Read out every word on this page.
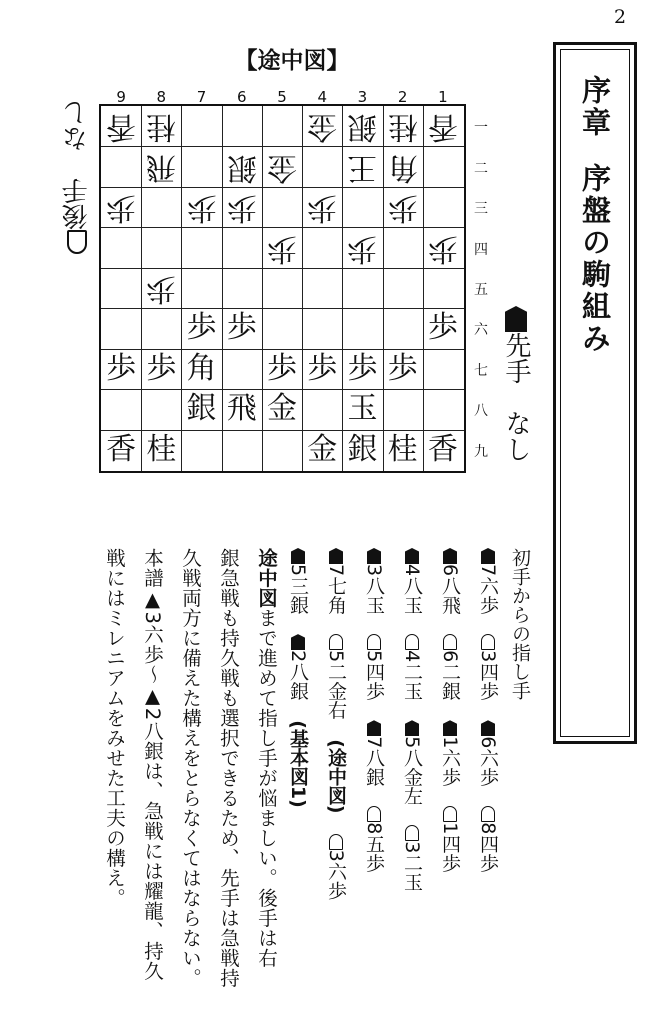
2
序章序盤の駒組み
【途中図】
9	8	7	6	5	4	3	2	1
一
二
三
四
五
六
七
八
九
香 桂	金 銀 桂 香
飛 銀 金 王 角
歩 歩 歩 歩 歩
歩 歩 歩
歩
歩 歩	歩
歩 歩 角 歩 歩 歩 歩
銀 飛 金 玉
香 桂	金 銀 桂 香 先手　なし
後手　なし
初手からの指し手
7六歩3四歩6六歩8四歩
6八飛6二銀1六歩1四歩
4八玉4二玉5八金左3二玉
3八玉5四歩7八銀8五歩
7七角5二金右(途中図)3六歩
5三銀2八銀(基本図1)
途中図まで進めて指し手が悩ましい。後手は右
銀急戦も持久戦も選択できるため、先手は急戦持
久戦両方に備えた構えをとらなくてはならない。
本譜▲3六歩～▲2八銀は、急戦には耀龍、持久
戦にはミレニアムをみせた工夫の構え。
